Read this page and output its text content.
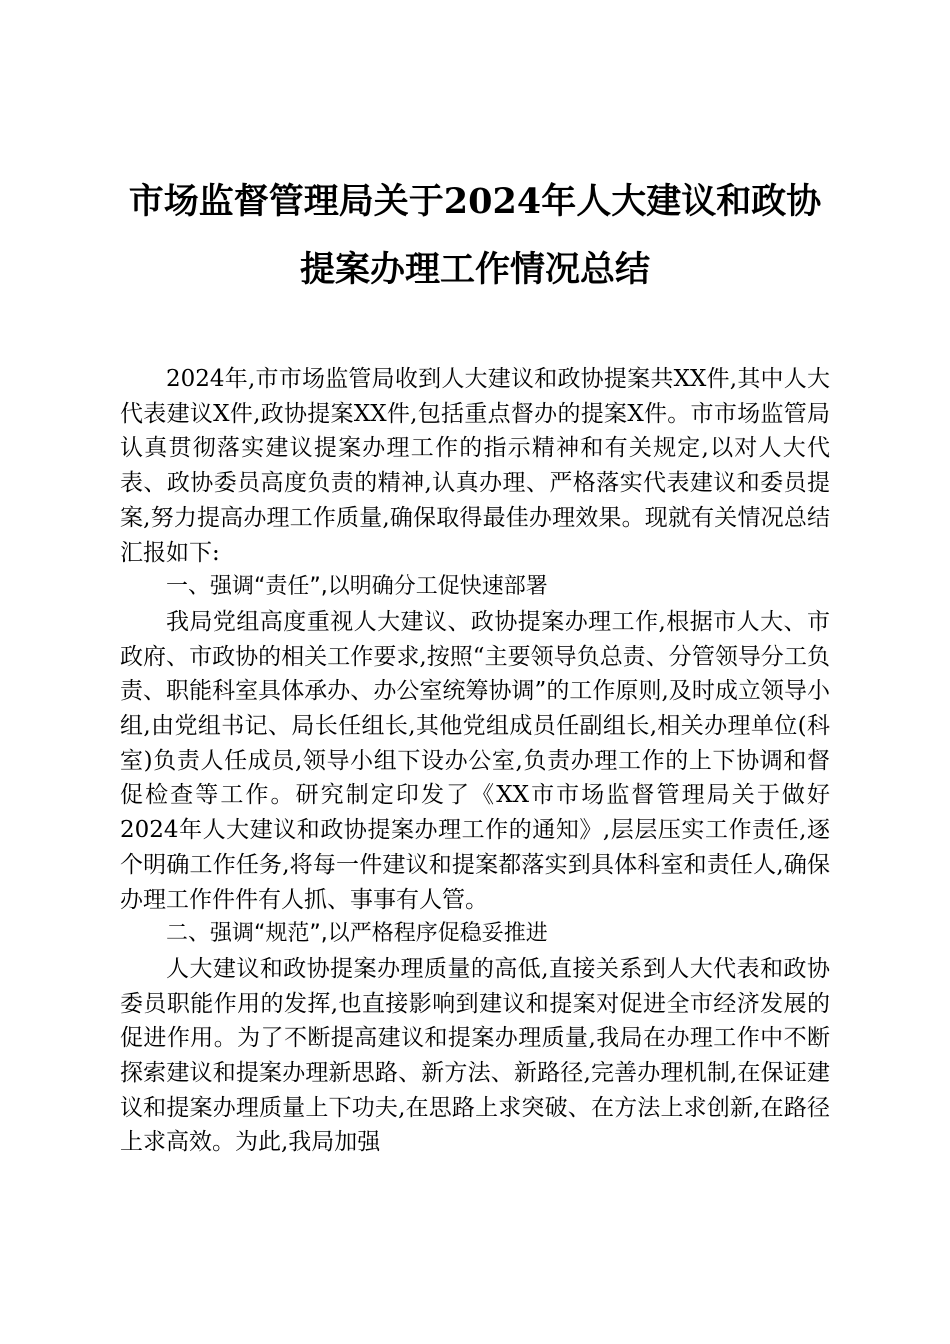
市场监督管理局关于2024年人大建议和政协
提案办理工作情况总结

2024年,市市场监管局收到人大建议和政协提案共XX件,其中人大代表建议X件,政协提案XX件,包括重点督办的提案X件。市市场监管局认真贯彻落实建议提案办理工作的指示精神和有关规定,以对人大代表、政协委员高度负责的精神,认真办理、严格落实代表建议和委员提案,努力提高办理工作质量,确保取得最佳办理效果。现就有关情况总结汇报如下:

一、强调“责任”,以明确分工促快速部署

我局党组高度重视人大建议、政协提案办理工作,根据市人大、市政府、市政协的相关工作要求,按照“主要领导负总责、分管领导分工负责、职能科室具体承办、办公室统筹协调”的工作原则,及时成立领导小组,由党组书记、局长任组长,其他党组成员任副组长,相关办理单位(科室)负责人任成员,领导小组下设办公室,负责办理工作的上下协调和督促检查等工作。研究制定印发了《XX市市场监督管理局关于做好2024年人大建议和政协提案办理工作的通知》,层层压实工作责任,逐个明确工作任务,将每一件建议和提案都落实到具体科室和责任人,确保办理工作件件有人抓、事事有人管。

二、强调“规范”,以严格程序促稳妥推进

人大建议和政协提案办理质量的高低,直接关系到人大代表和政协委员职能作用的发挥,也直接影响到建议和提案对促进全市经济发展的促进作用。为了不断提高建议和提案办理质量,我局在办理工作中不断探索建议和提案办理新思路、新方法、新路径,完善办理机制,在保证建议和提案办理质量上下功夫,在思路上求突破、在方法上求创新,在路径上求高效。为此,我局加强
